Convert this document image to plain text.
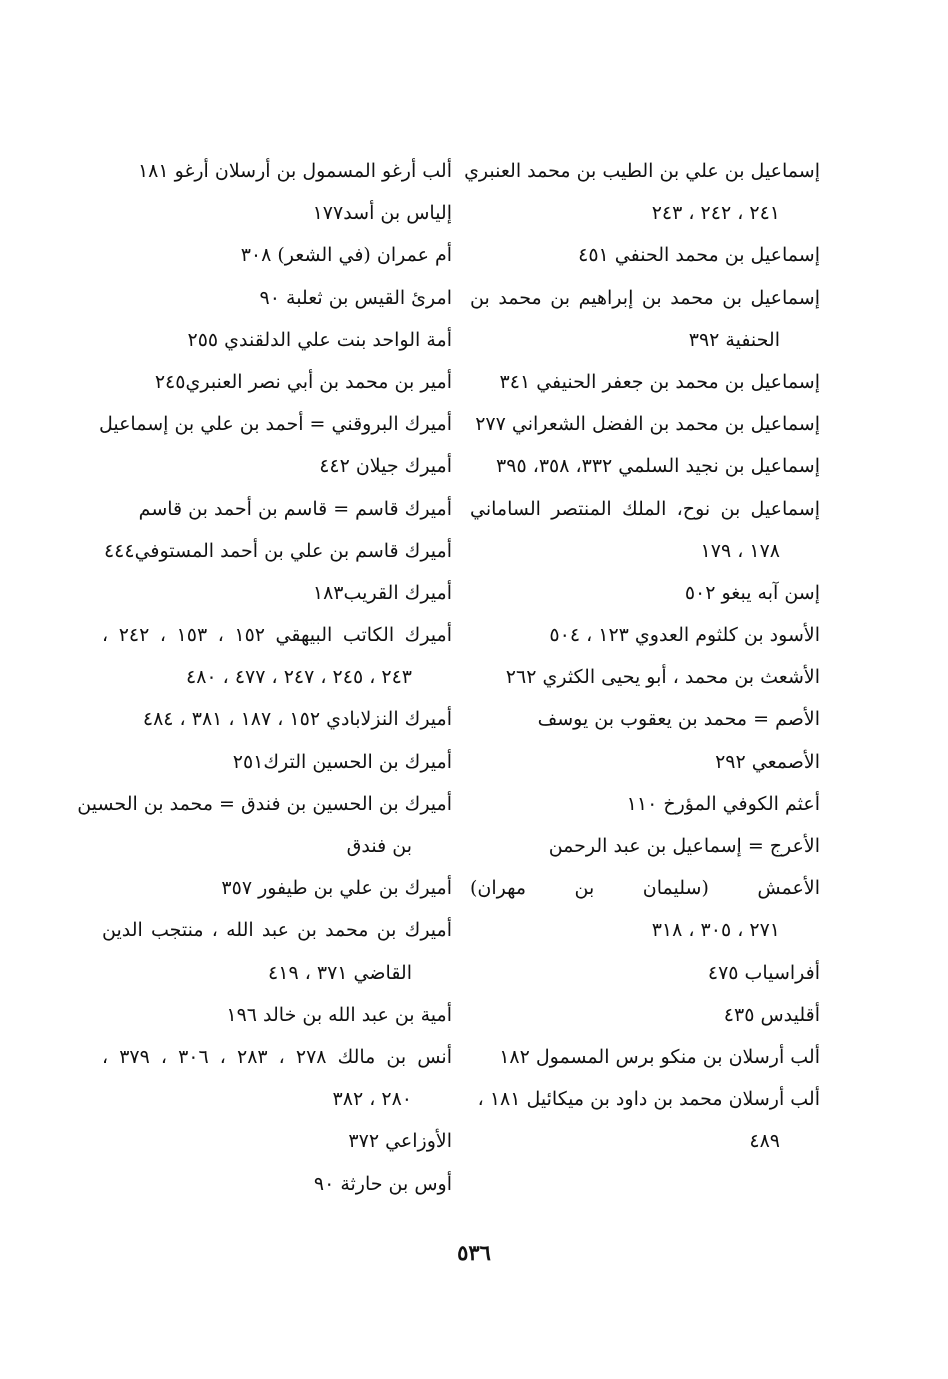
إسماعيل بن علي بن الطيب بن محمد العنبري
٢٤١ ، ٢٤٢ ، ٢٤٣
إسماعيل بن محمد الحنفي ٤٥١
إسماعيل بن محمد بن إبراهيم بن محمد بن
الحنفية ٣٩٢
إسماعيل بن محمد بن جعفر الحنيفي ٣٤١
إسماعيل بن محمد بن الفضل الشعراني ٢٧٧
إسماعيل بن نجيد السلمي ٣٣٢، ٣٥٨، ٣٩٥
إسماعيل بن نوح، الملك المنتصر الساماني
١٧٨ ، ١٧٩
إسن آبه يبغو ٥٠٢
الأسود بن كلثوم العدوي ١٢٣ ، ٥٠٤
الأشعث بن محمد ، أبو يحيى الكثري ٢٦٢
الأصم = محمد بن يعقوب بن يوسف
الأصمعي ٢٩٢
أعثم الكوفي المؤرخ ١١٠
الأعرج = إسماعيل بن عبد الرحمن
الأعمش (سليمان بن مهران)
٢٧١ ، ٣٠٥ ، ٣١٨
أفراسياب ٤٧٥
أقليدس ٤٣٥
ألب أرسلان بن منكو برس المسمول ١٨٢
ألب أرسلان محمد بن داود بن ميكائيل ١٨١ ،
٤٨٩
ألب أرغو المسمول بن أرسلان أرغو ١٨١
إلياس بن أسد١٧٧
أم عمران (في الشعر) ٣٠٨
امرئ القيس بن ثعلبة ٩٠
أمة الواحد بنت علي الدلقندي ٢٥٥
أمير بن محمد بن أبي نصر العنبري٢٤٥
أميرك البروقني = أحمد بن علي بن إسماعيل
أميرك جيلان ٤٤٢
أميرك قاسم = قاسم بن أحمد بن قاسم
أميرك قاسم بن علي بن أحمد المستوفي٤٤٤
أميرك القريب١٨٣
أميرك الكاتب البيهقي ١٥٢ ، ١٥٣ ، ٢٤٢ ،
٢٤٣ ، ٢٤٥ ، ٢٤٧ ، ٤٧٧ ، ٤٨٠
أميرك النزلابادي ١٥٢ ، ١٨٧ ، ٣٨١ ، ٤٨٤
أميرك بن الحسين الترك٢٥١
أميرك بن الحسين بن فندق = محمد بن الحسين
بن فندق
أميرك بن علي بن طيفور ٣٥٧
أميرك بن محمد بن عبد الله ، منتجب الدين
القاضي ٣٧١ ، ٤١٩
أمية بن عبد الله بن خالد ١٩٦
أنس بن مالك ٢٧٨ ، ٢٨٣ ، ٣٠٦ ، ٣٧٩ ،
٢٨٠ ، ٣٨٢
الأوزاعي ٣٧٢
أوس بن حارثة ٩٠
٥٣٦
